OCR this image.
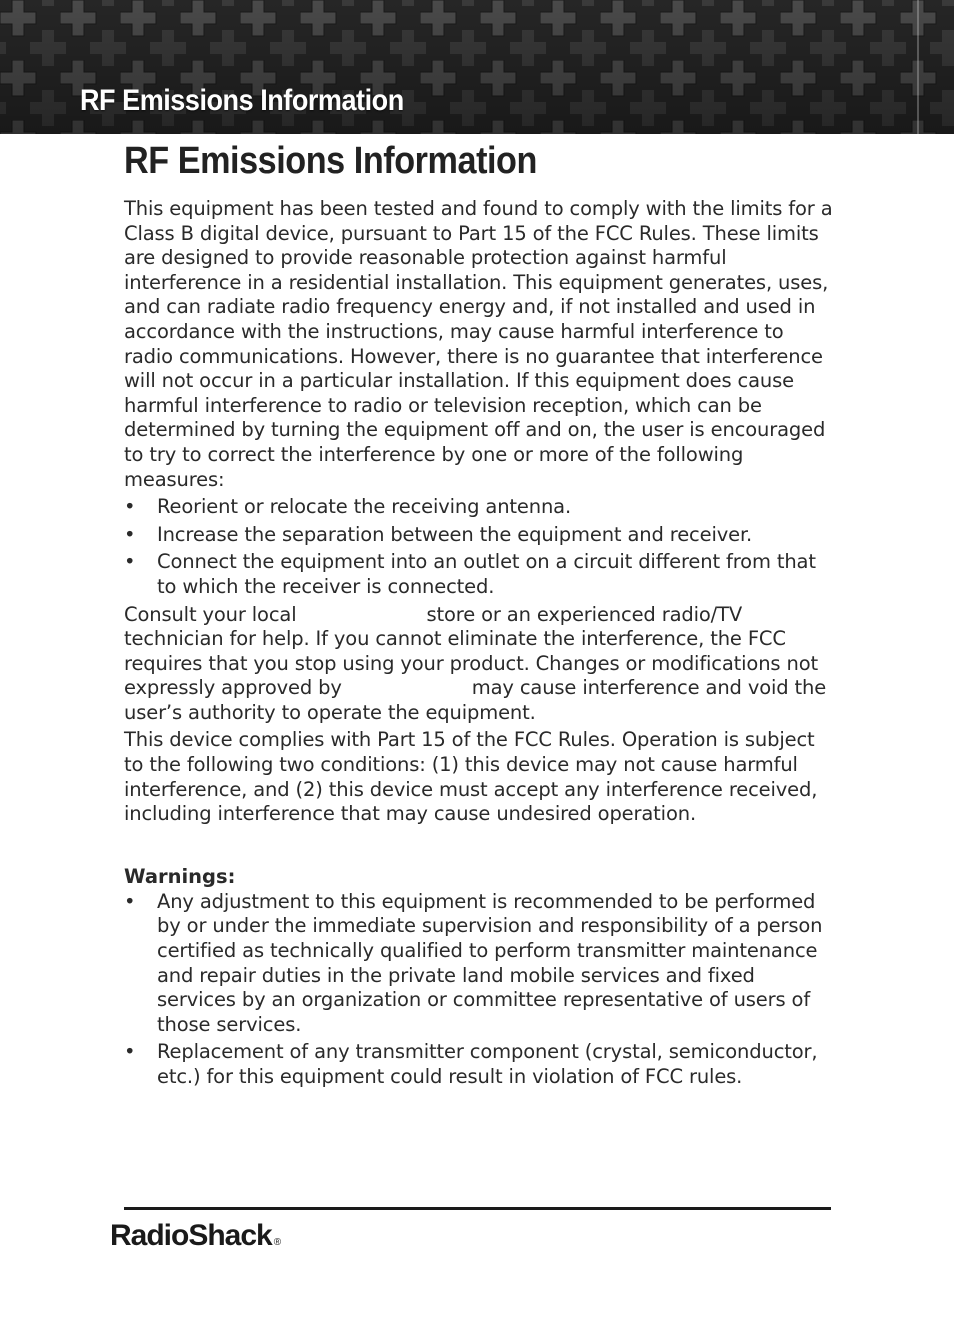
RF Emissions Information
RF Emissions Information

This equipment has been tested and found to comply with the limits for a Class B digital device, pursuant to Part 15 of the FCC Rules. These limits are designed to provide reasonable protection against harmful interference in a residential installation. This equipment generates, uses, and can radiate radio frequency energy and, if not installed and used in accordance with the instructions, may cause harmful interference to radio communications. However, there is no guarantee that interference will not occur in a particular installation. If this equipment does cause harmful interference to radio or television reception, which can be determined by turning the equipment off and on, the user is encouraged to try to correct the interference by one or more of the following measures:

• Reorient or relocate the receiving antenna.
• Increase the separation between the equipment and receiver.
• Connect the equipment into an outlet on a circuit different from that to which the receiver is connected.

Consult your local	store or an experienced radio/TV technician for help. If you cannot eliminate the interference, the FCC requires that you stop using your product. Changes or modifications not expressly approved by	may cause interference and void the user’s authority to operate the equipment.

This device complies with Part 15 of the FCC Rules. Operation is subject to the following two conditions: (1) this device may not cause harmful interference, and (2) this device must accept any interference received, including interference that may cause undesired operation.

Warnings:
• Any adjustment to this equipment is recommended to be performed by or under the immediate supervision and responsibility of a person certified as technically qualified to perform transmitter maintenance and repair duties in the private land mobile services and fixed services by an organization or committee representative of users of those services.
• Replacement of any transmitter component (crystal, semiconductor, etc.) for this equipment could result in violation of FCC rules.
RadioShack ®
